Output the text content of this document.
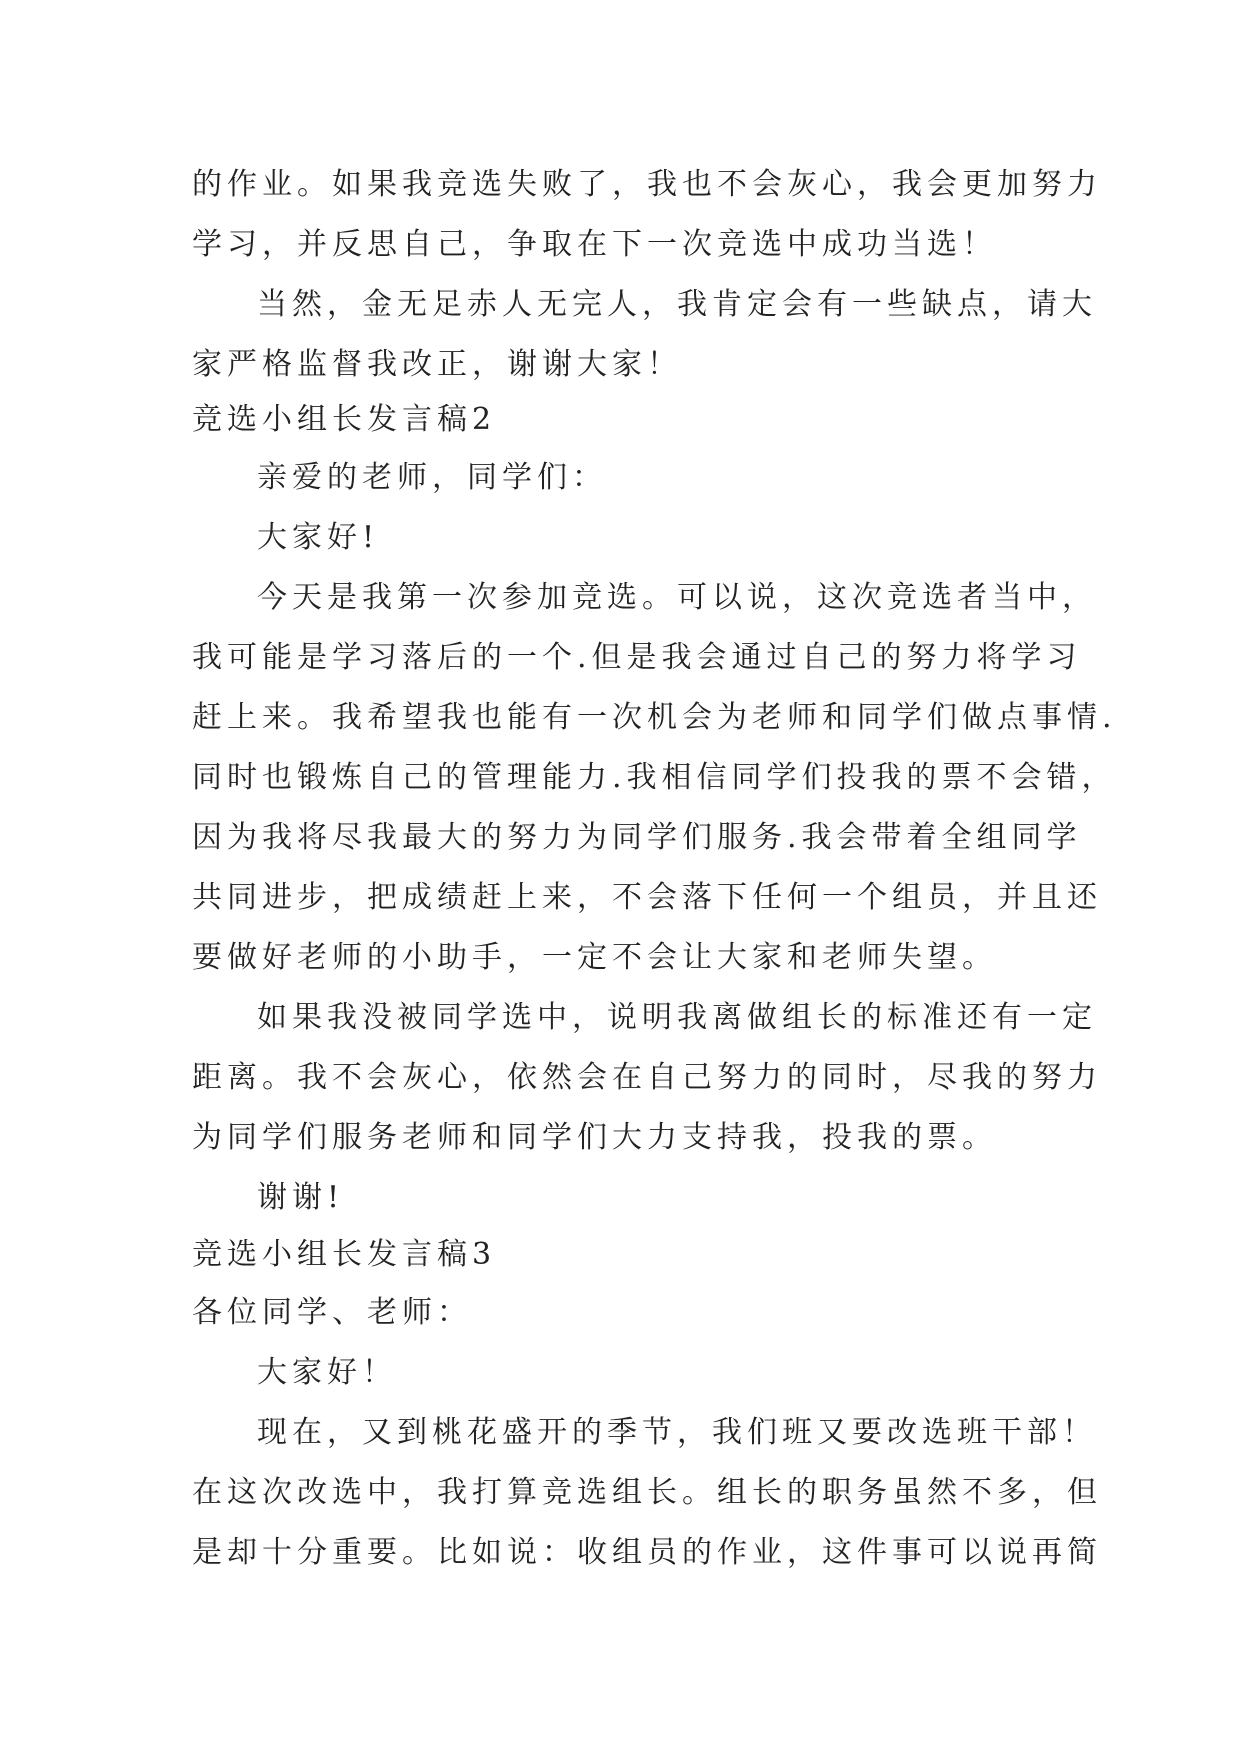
的作业。如果我竞选失败了，我也不会灰心，我会更加努力
学习，并反思自己，争取在下一次竞选中成功当选！
当然，金无足赤人无完人，我肯定会有一些缺点，请大
家严格监督我改正，谢谢大家！
竞选小组长发言稿2
亲爱的老师，同学们：
大家好!
今天是我第一次参加竞选。可以说，这次竞选者当中，
我可能是学习落后的一个.但是我会通过自己的努力将学习
赶上来。我希望我也能有一次机会为老师和同学们做点事情.
同时也锻炼自己的管理能力.我相信同学们投我的票不会错，
因为我将尽我最大的努力为同学们服务.我会带着全组同学
共同进步，把成绩赶上来，不会落下任何一个组员，并且还
要做好老师的小助手，一定不会让大家和老师失望。
如果我没被同学选中，说明我离做组长的标准还有一定
距离。我不会灰心，依然会在自己努力的同时，尽我的努力
为同学们服务老师和同学们大力支持我，投我的票。
谢谢!
竞选小组长发言稿3
各位同学、老师：
大家好！
现在，又到桃花盛开的季节，我们班又要改选班干部！
在这次改选中，我打算竞选组长。组长的职务虽然不多，但
是却十分重要。比如说：收组员的作业，这件事可以说再简
